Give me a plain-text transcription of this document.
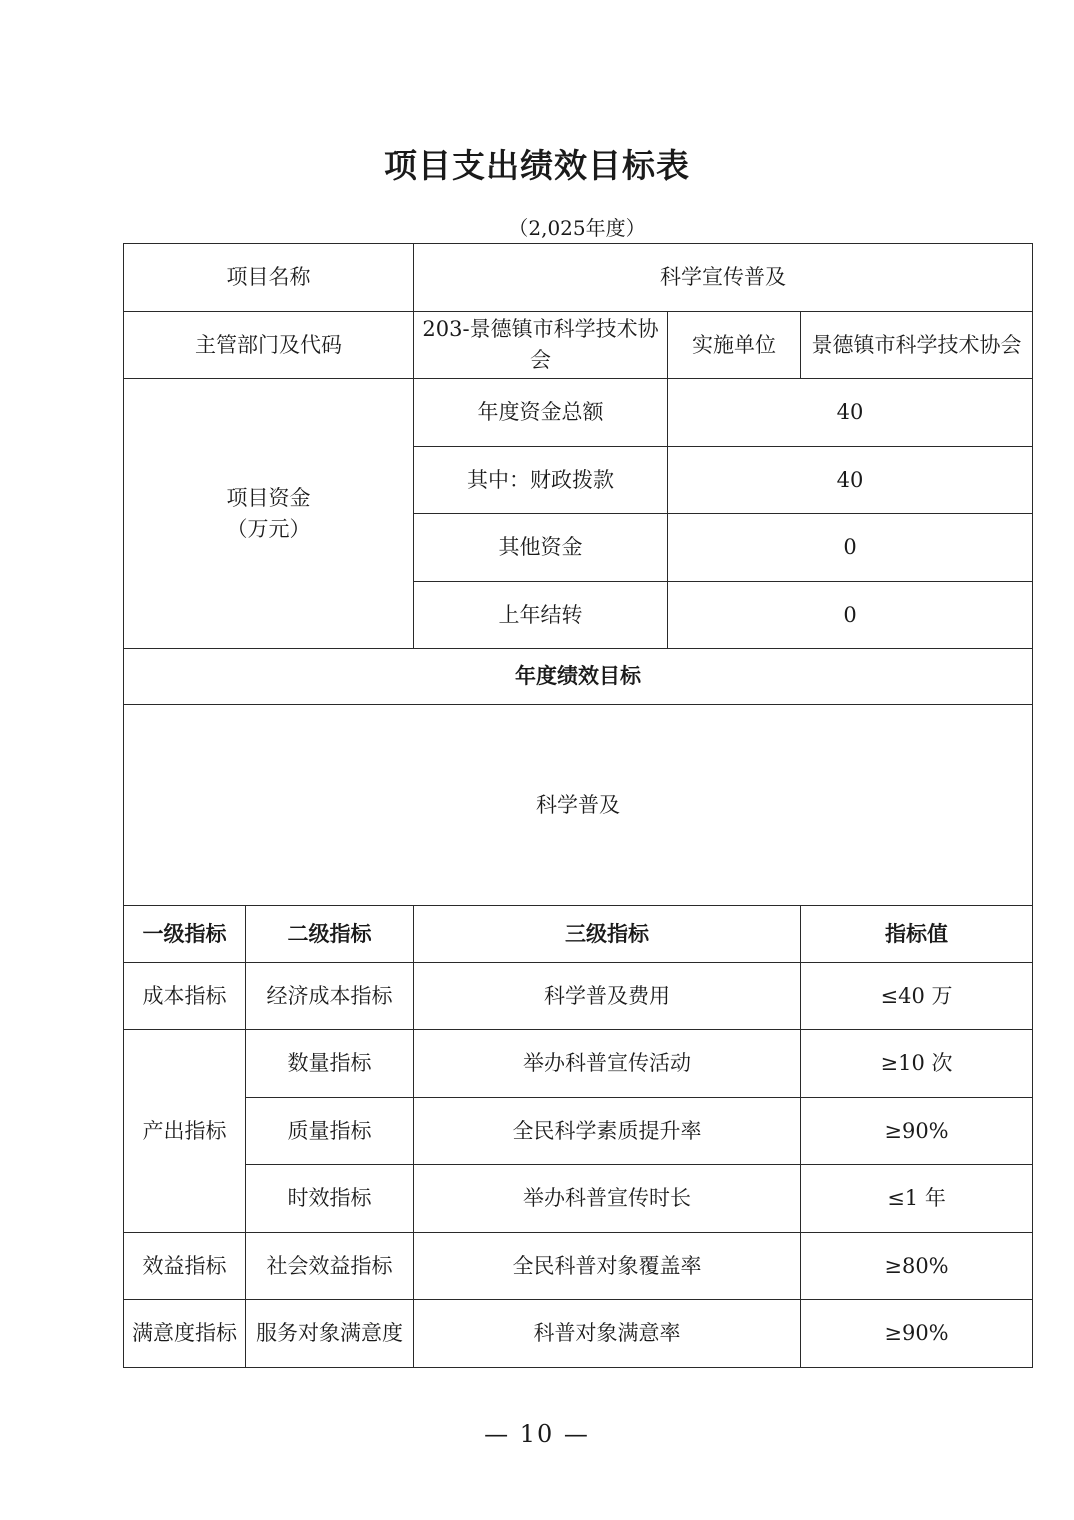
项目支出绩效目标表
（2,025年度）
项目名称		科学宣传普及		
主管部门及代码		203-景德镇市科学技术协会	实施单位	景德镇市科学技术协会

项目资金
（万元）		年度资金总额	40	
		其中：财政拨款	40	
		其他资金	0	
		上年结转	0	
年度绩效目标				
科学普及				
一级指标	二级指标	三级指标		指标值
成本指标	经济成本指标	科学普及费用		≤40 万
产出指标	数量指标	举办科普宣传活动		≥10 次
	质量指标	全民科学素质提升率		≥90%
	时效指标	举办科普宣传时长		≤1 年
效益指标	社会效益指标	全民科普对象覆盖率		≥80%
满意度指标	服务对象满意度	科普对象满意率		≥90%
— 10 —
